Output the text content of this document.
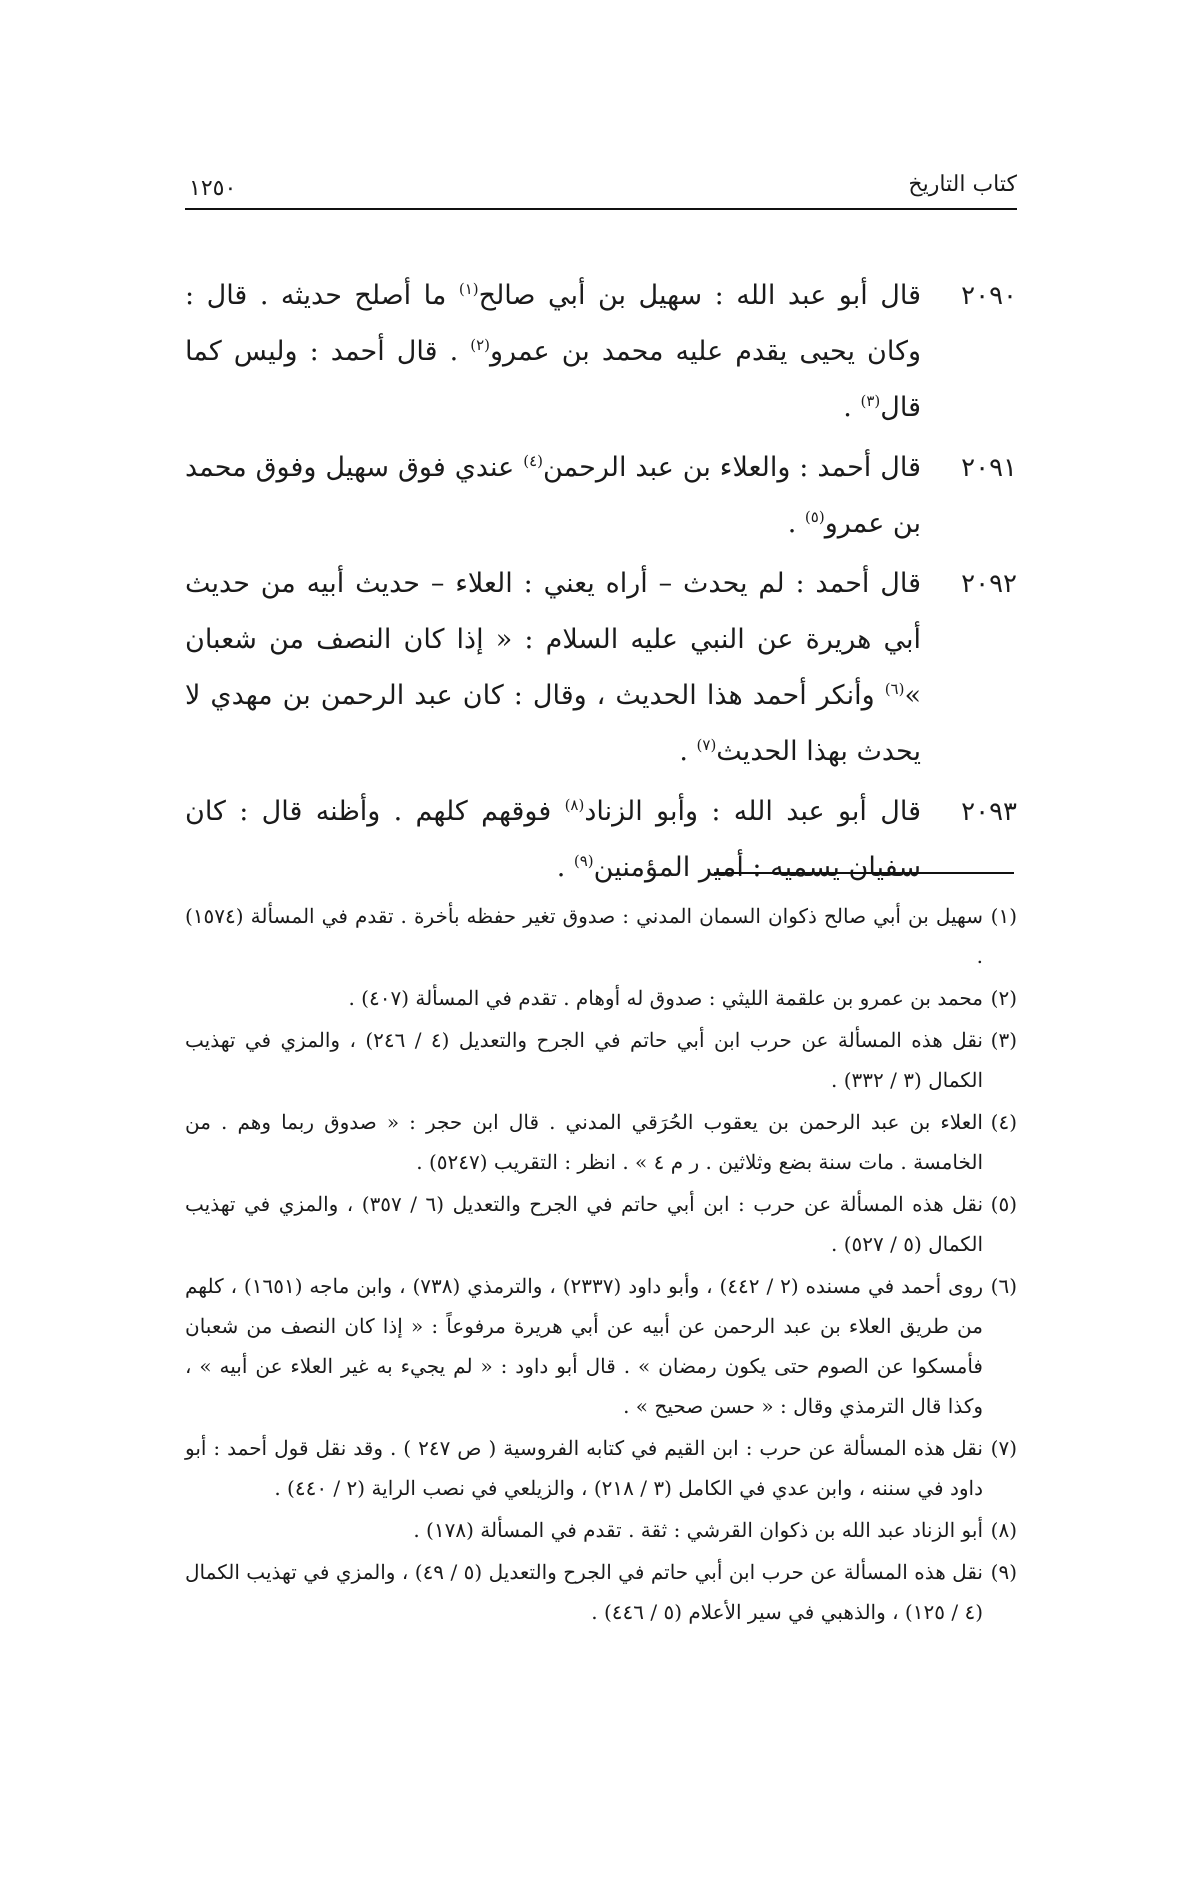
كتاب التاريخ
١٢٥٠
٢٠٩٠
قال أبو عبد الله : سهيل بن أبي صالح$^{(١)}$ ما أصلح حديثه . قال : وكان يحيى يقدم عليه محمد بن عمرو$^{(٢)}$ . قال أحمد : وليس كما قال$^{(٣)}$ .
٢٠٩١
قال أحمد : والعلاء بن عبد الرحمن$^{(٤)}$ عندي فوق سهيل وفوق محمد بن عمرو$^{(٥)}$ .
٢٠٩٢
قال أحمد : لم يحدث – أراه يعني : العلاء – حديث أبيه من حديث أبي هريرة عن النبي عليه السلام : « إذا كان النصف من شعبان »$^{(٦)}$ وأنكر أحمد هذا الحديث ، وقال : كان عبد الرحمن بن مهدي لا يحدث بهذا الحديث$^{(٧)}$ .
٢٠٩٣
قال أبو عبد الله : وأبو الزناد$^{(٨)}$ فوقهم كلهم . وأظنه قال : كان سفيان يسميه : أمير المؤمنين$^{(٩)}$ .
(١)
سهيل بن أبي صالح ذكوان السمان المدني : صدوق تغير حفظه بأخرة . تقدم في المسألة (١٥٧٤) .
(٢)
محمد بن عمرو بن علقمة الليثي : صدوق له أوهام . تقدم في المسألة (٤٠٧) .
(٣)
نقل هذه المسألة عن حرب ابن أبي حاتم في الجرح والتعديل (٤ / ٢٤٦) ، والمزي في تهذيب الكمال (٣ / ٣٣٢) .
(٤)
العلاء بن عبد الرحمن بن يعقوب الحُرَقي المدني . قال ابن حجر : « صدوق ربما وهم . من الخامسة . مات سنة بضع وثلاثين . ر م ٤ » . انظر : التقريب (٥٢٤٧) .
(٥)
نقل هذه المسألة عن حرب : ابن أبي حاتم في الجرح والتعديل (٦ / ٣٥٧) ، والمزي في تهذيب الكمال (٥ / ٥٢٧) .
(٦)
روى أحمد في مسنده (٢ / ٤٤٢) ، وأبو داود (٢٣٣٧) ، والترمذي (٧٣٨) ، وابن ماجه (١٦٥١) ، كلهم من طريق العلاء بن عبد الرحمن عن أبيه عن أبي هريرة مرفوعاً : « إذا كان النصف من شعبان فأمسكوا عن الصوم حتى يكون رمضان » . قال أبو داود : « لم يجيء به غير العلاء عن أبيه » ، وكذا قال الترمذي وقال : « حسن صحيح » .
(٧)
نقل هذه المسألة عن حرب : ابن القيم في كتابه الفروسية ( ص ٢٤٧ ) . وقد نقل قول أحمد : أبو داود في سننه ، وابن عدي في الكامل (٣ / ٢١٨) ، والزيلعي في نصب الراية (٢ / ٤٤٠) .
(٨)
أبو الزناد عبد الله بن ذكوان القرشي : ثقة . تقدم في المسألة (١٧٨) .
(٩)
نقل هذه المسألة عن حرب ابن أبي حاتم في الجرح والتعديل (٥ / ٤٩) ، والمزي في تهذيب الكمال (٤ / ١٢٥) ، والذهبي في سير الأعلام (٥ / ٤٤٦) .
